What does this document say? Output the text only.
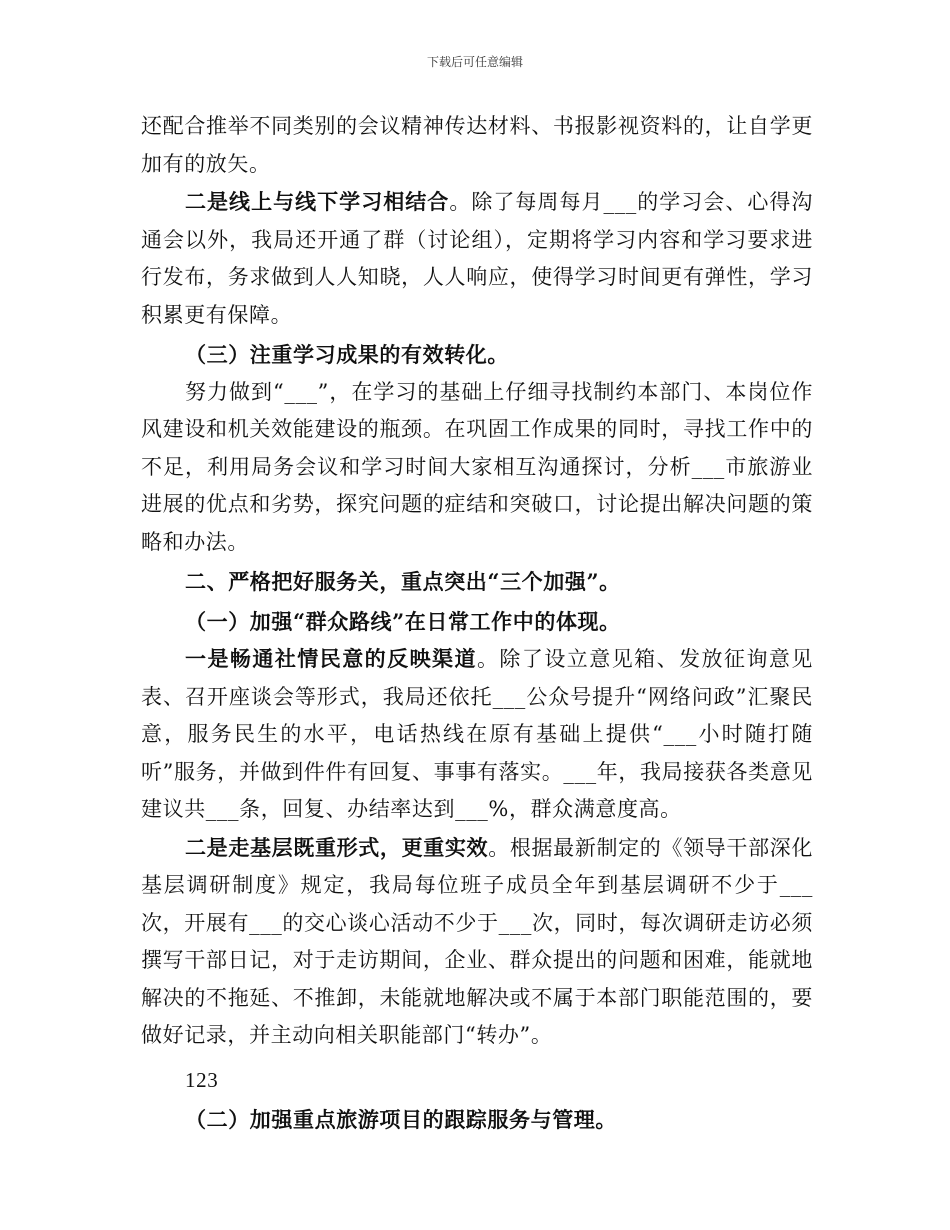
下载后可任意编辑

还配合推举不同类别的会议精神传达材料、书报影视资料的，让自学更加有的放矢。

二是线上与线下学习相结合。除了每周每月___的学习会、心得沟通会以外，我局还开通了群（讨论组），定期将学习内容和学习要求进行发布，务求做到人人知晓，人人响应，使得学习时间更有弹性，学习积累更有保障。

（三）注重学习成果的有效转化。

努力做到“___”，在学习的基础上仔细寻找制约本部门、本岗位作风建设和机关效能建设的瓶颈。在巩固工作成果的同时，寻找工作中的不足，利用局务会议和学习时间大家相互沟通探讨，分析___市旅游业进展的优点和劣势，探究问题的症结和突破口，讨论提出解决问题的策略和办法。

二、严格把好服务关，重点突出“三个加强”。

（一）加强“群众路线”在日常工作中的体现。

一是畅通社情民意的反映渠道。除了设立意见箱、发放征询意见表、召开座谈会等形式，我局还依托___公众号提升“网络问政”汇聚民意，服务民生的水平，电话热线在原有基础上提供“___小时随打随听”服务，并做到件件有回复、事事有落实。___年，我局接获各类意见建议共___条，回复、办结率达到___%，群众满意度高。

二是走基层既重形式，更重实效。根据最新制定的《领导干部深化基层调研制度》规定，我局每位班子成员全年到基层调研不少于___次，开展有___的交心谈心活动不少于___次，同时，每次调研走访必须撰写干部日记，对于走访期间，企业、群众提出的问题和困难，能就地解决的不拖延、不推卸，未能就地解决或不属于本部门职能范围的，要做好记录，并主动向相关职能部门“转办”。

123

（二）加强重点旅游项目的跟踪服务与管理。
